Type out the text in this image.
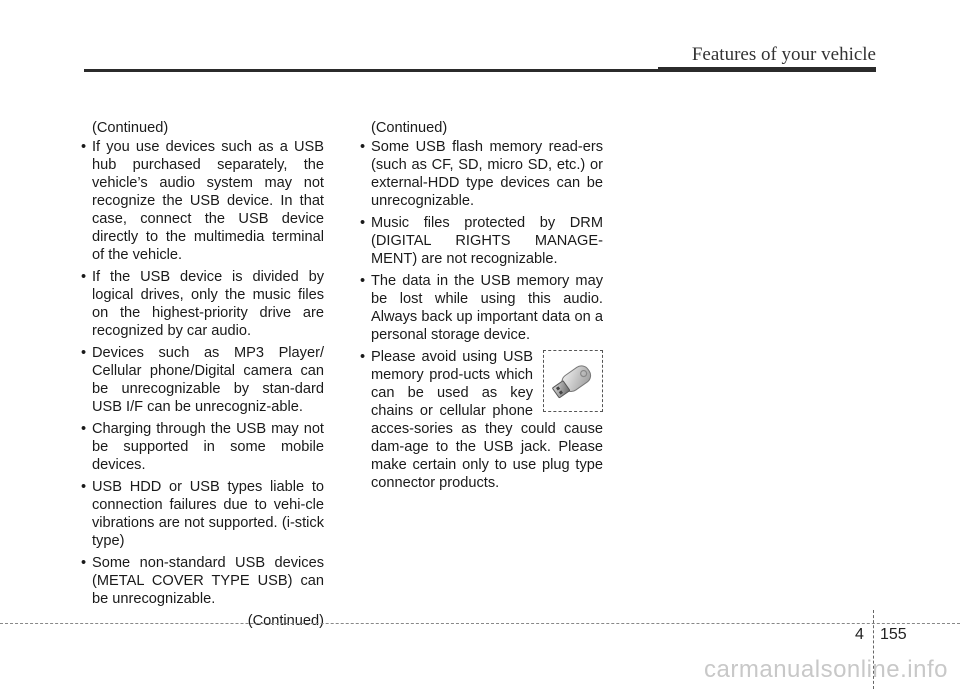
Features of your vehicle
(Continued)
• If you use devices such as a USB hub purchased separately, the vehicle’s audio system may not recognize the USB device. In that case, connect the USB device directly to the multimedia terminal of the vehicle.
• If the USB device is divided by logical drives, only the music files on the highest-priority drive are recognized by car audio.
• Devices such as MP3 Player/ Cellular phone/Digital camera can be unrecognizable by stan-dard USB I/F can be unrecogniz-able.
• Charging through the USB may not be supported in some mobile devices.
• USB HDD or USB types liable to connection failures due to vehi-cle vibrations are not supported. (i-stick type)
• Some non-standard USB devices (METAL COVER TYPE USB) can be unrecognizable.
(Continued)
(Continued)
• Some USB flash memory read-ers (such as CF, SD, micro SD, etc.) or external-HDD type devices can be unrecognizable.
• Music files protected by DRM (DIGITAL RIGHTS MANAGE-MENT) are not recognizable.
• The data in the USB memory may be lost while using this audio. Always back up important data on a personal storage device.
• Please avoid using USB memory prod-ucts which can be used as key chains or cellular phone acces-sories as they could cause dam-age to the USB jack. Please make certain only to use plug type connector products.
4 155
carmanualsonline.info
